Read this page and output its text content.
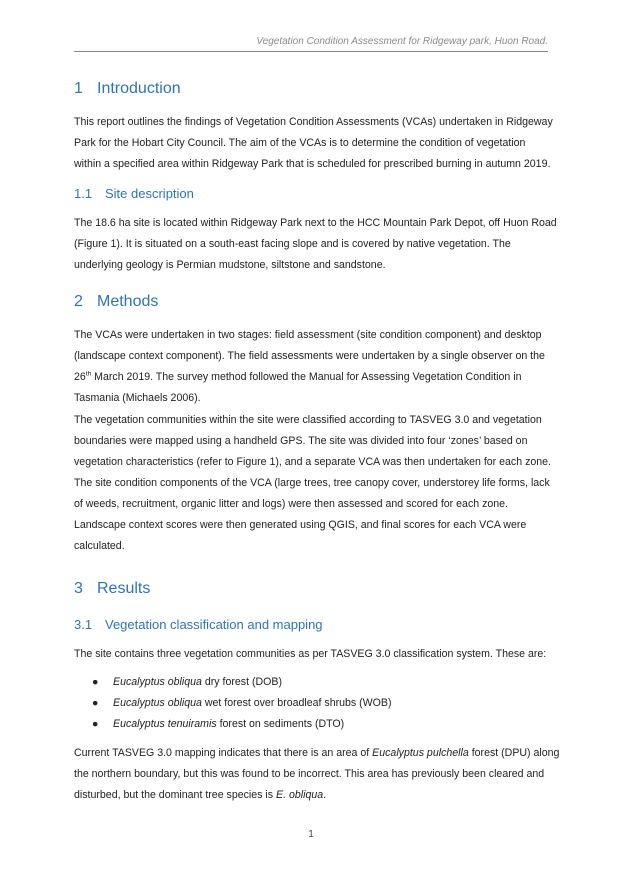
Vegetation Condition Assessment for Ridgeway park, Huon Road.
1 Introduction
This report outlines the findings of Vegetation Condition Assessments (VCAs) undertaken in Ridgeway
Park for the Hobart City Council. The aim of the VCAs is to determine the condition of vegetation
within a specified area within Ridgeway Park that is scheduled for prescribed burning in autumn 2019.
1.1 Site description
The 18.6 ha site is located within Ridgeway Park next to the HCC Mountain Park Depot, off Huon Road
(Figure 1). It is situated on a south-east facing slope and is covered by native vegetation. The
underlying geology is Permian mudstone, siltstone and sandstone.
2 Methods
The VCAs were undertaken in two stages: field assessment (site condition component) and desktop
(landscape context component). The field assessments were undertaken by a single observer on the
26th March 2019. The survey method followed the Manual for Assessing Vegetation Condition in
Tasmania (Michaels 2006).
The vegetation communities within the site were classified according to TASVEG 3.0 and vegetation
boundaries were mapped using a handheld GPS. The site was divided into four ‘zones’ based on
vegetation characteristics (refer to Figure 1), and a separate VCA was then undertaken for each zone.
The site condition components of the VCA (large trees, tree canopy cover, understorey life forms, lack
of weeds, recruitment, organic litter and logs) were then assessed and scored for each zone.
Landscape context scores were then generated using QGIS, and final scores for each VCA were
calculated.
3 Results
3.1 Vegetation classification and mapping
The site contains three vegetation communities as per TASVEG 3.0 classification system. These are:
● Eucalyptus obliqua dry forest (DOB)
● Eucalyptus obliqua wet forest over broadleaf shrubs (WOB)
● Eucalyptus tenuiramis forest on sediments (DTO)
Current TASVEG 3.0 mapping indicates that there is an area of Eucalyptus pulchella forest (DPU) along
the northern boundary, but this was found to be incorrect. This area has previously been cleared and
disturbed, but the dominant tree species is E. obliqua.
1
